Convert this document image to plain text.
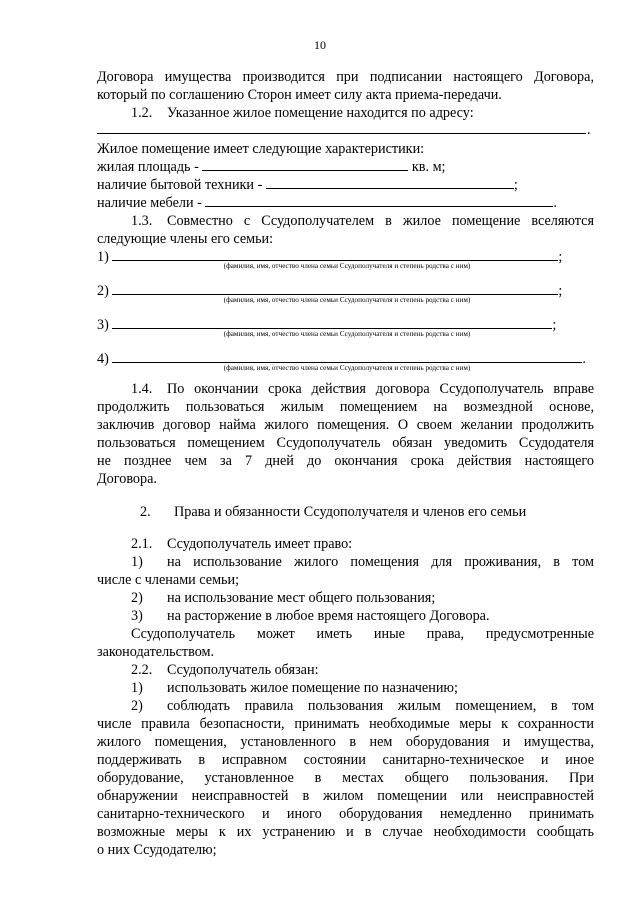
10
Договора имущества производится при подписании настоящего Договора,
который по соглашению Сторон имеет силу акта приема-передачи.
1.2. Указанное жилое помещение находится по адресу:
.
Жилое помещение имеет следующие характеристики:
жилая площадь -	кв. м;
наличие бытовой техники -	;
наличие мебели -	.
1.3. Совместно с Ссудополучателем в жилое помещение вселяются
следующие члены его семьи:
1)	;
(фамилия, имя, отчество члена семьи Ссудополучателя и степень родства с ним)
2)	;
(фамилия, имя, отчество члена семьи Ссудополучателя и степень родства с ним)
3)	;
(фамилия, имя, отчество члена семьи Ссудополучателя и степень родства с ним)
4)	.
(фамилия, имя, отчество члена семьи Ссудополучателя и степень родства с ним)
1.4. По окончании срока действия договора Ссудополучатель вправе
продолжить пользоваться жилым помещением на возмездной основе,
заключив договор найма жилого помещения. О своем желании продолжить
пользоваться помещением Ссудополучатель обязан уведомить Ссудодателя
не позднее чем за 7 дней до окончания срока действия настоящего
Договора.
2. Права и обязанности Ссудополучателя и членов его семьи
2.1. Ссудополучатель имеет право:
1) на использование жилого помещения для проживания, в том
числе с членами семьи;
2) на использование мест общего пользования;
3) на расторжение в любое время настоящего Договора.
Ссудополучатель может иметь иные права, предусмотренные
законодательством.
2.2. Ссудополучатель обязан:
1) использовать жилое помещение по назначению;
2) соблюдать правила пользования жилым помещением, в том
числе правила безопасности, принимать необходимые меры к сохранности
жилого помещения, установленного в нем оборудования и имущества,
поддерживать в исправном состоянии санитарно-техническое и иное
оборудование, установленное в местах общего пользования. При
обнаружении неисправностей в жилом помещении или неисправностей
санитарно-технического и иного оборудования немедленно принимать
возможные меры к их устранению и в случае необходимости сообщать
о них Ссудодателю;
